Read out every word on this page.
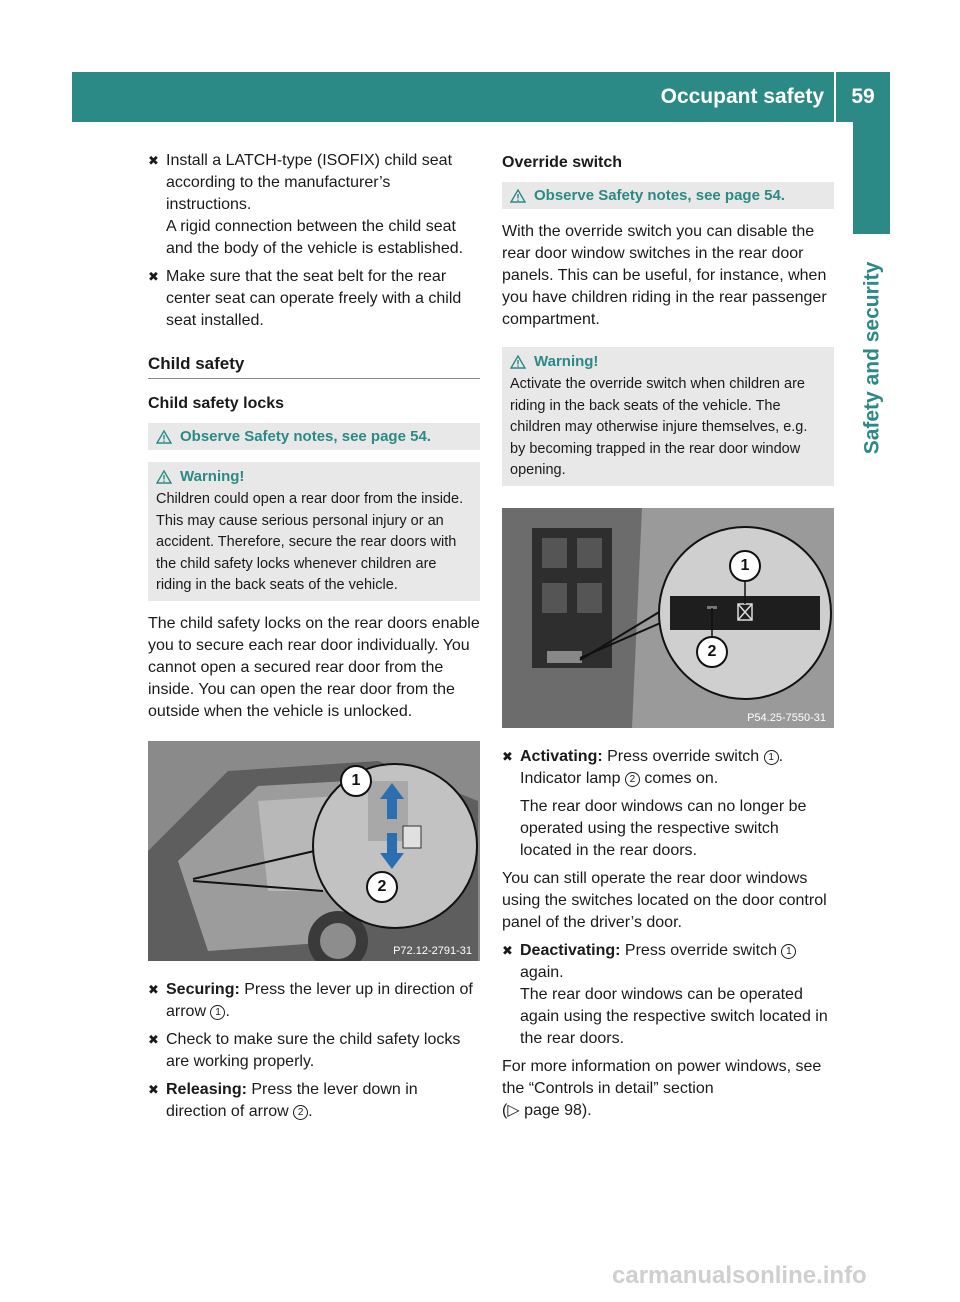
Occupant safety	59
Safety and security
✖ Install a LATCH-type (ISOFIX) child seat according to the manufacturer’s instructions.
A rigid connection between the child seat and the body of the vehicle is established.
✖ Make sure that the seat belt for the rear center seat can operate freely with a child seat installed.
Child safety
Child safety locks
Observe Safety notes, see page 54.
Warning!
Children could open a rear door from the inside. This may cause serious personal injury or an accident. Therefore, secure the rear doors with the child safety locks whenever children are riding in the back seats of the vehicle.
The child safety locks on the rear doors enable you to secure each rear door individually. You cannot open a secured rear door from the inside. You can open the rear door from the outside when the vehicle is unlocked.
1
2
P72.12-2791-31
✖ Securing: Press the lever up in direction of arrow 1 .
✖ Check to make sure the child safety locks are working properly.
✖ Releasing: Press the lever down in direction of arrow 2 .
Override switch
Observe Safety notes, see page 54.
With the override switch you can disable the rear door window switches in the rear door panels. This can be useful, for instance, when you have children riding in the rear passenger compartment.
Warning!
Activate the override switch when children are riding in the back seats of the vehicle. The children may otherwise injure themselves, e.g. by becoming trapped in the rear door window opening.
1
2
P54.25-7550-31
✖ Activating: Press override switch 1 .
Indicator lamp 2 comes on.
The rear door windows can no longer be operated using the respective switch located in the rear doors.
You can still operate the rear door windows using the switches located on the door control panel of the driver’s door.
✖ Deactivating: Press override switch 1
again.
The rear door windows can be operated again using the respective switch located in the rear doors.
For more information on power windows, see the “Controls in detail” section
(▷ page 98).
carmanualsonline.info
